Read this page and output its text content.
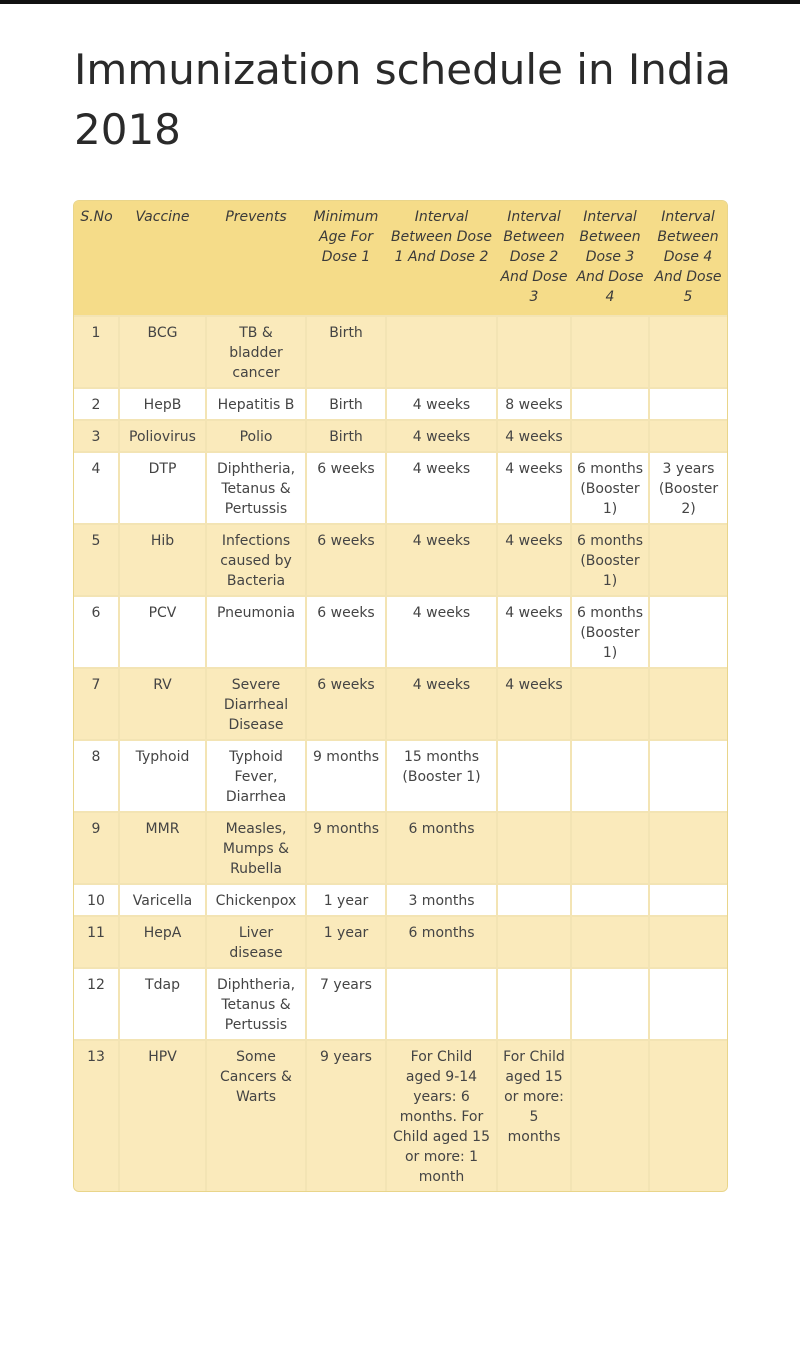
Immunization schedule in India 2018
S.No	Vaccine	Prevents	Minimum Age For Dose 1	Interval Between Dose 1 And Dose 2	Interval Between Dose 2 And Dose 3	Interval Between Dose 3 And Dose 4	Interval Between Dose 4 And Dose 5
1	BCG	TB & bladder cancer	Birth				
2	HepB	Hepatitis B	Birth	4 weeks	8 weeks		
3	Poliovirus	Polio	Birth	4 weeks	4 weeks		
4	DTP	Diphtheria, Tetanus & Pertussis	6 weeks	4 weeks	4 weeks	6 months (Booster 1)	3 years (Booster 2)
5	Hib	Infections caused by Bacteria	6 weeks	4 weeks	4 weeks	6 months (Booster 1)	
6	PCV	Pneumonia	6 weeks	4 weeks	4 weeks	6 months (Booster 1)	
7	RV	Severe Diarrheal Disease	6 weeks	4 weeks	4 weeks		
8	Typhoid	Typhoid Fever, Diarrhea	9 months	15 months (Booster 1)			
9	MMR	Measles, Mumps & Rubella	9 months	6 months			
10	Varicella	Chickenpox	1 year	3 months			
11	HepA	Liver disease	1 year	6 months			
12	Tdap	Diphtheria, Tetanus & Pertussis	7 years				
13	HPV	Some Cancers & Warts	9 years	For Child aged 9-14 years: 6 months. For Child aged 15 or more: 1 month	For Child aged 15 or more: 5 months		
